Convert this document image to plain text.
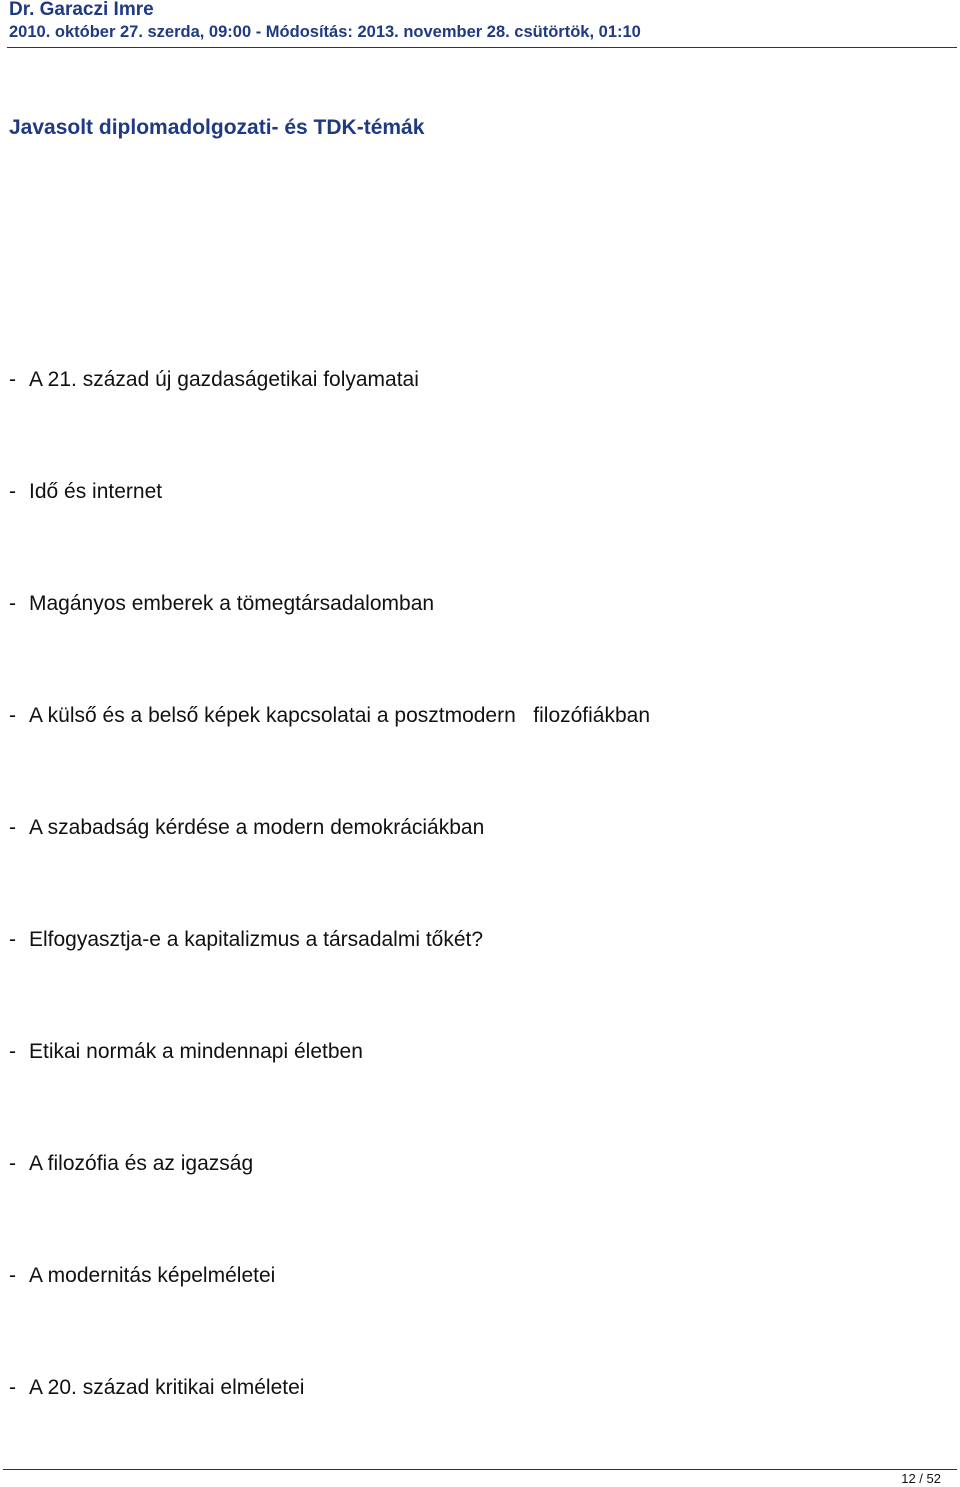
Dr. Garaczi Imre
2010. október 27. szerda, 09:00 - Módosítás: 2013. november 28. csütörtök, 01:10
Javasolt diplomadolgozati- és TDK-témák
- A 21. század új gazdaságetikai folyamatai
- Idő és internet
- Magányos emberek a tömegtársadalomban
- A külső és a belső képek kapcsolatai a posztmodern   filozófiákban
- A szabadság kérdése a modern demokráciákban
- Elfogyasztja-e a kapitalizmus a társadalmi tőkét?
- Etikai normák a mindennapi életben
- A filozófia és az igazság
- A modernitás képelméletei
- A 20. század kritikai elméletei
12 / 52
